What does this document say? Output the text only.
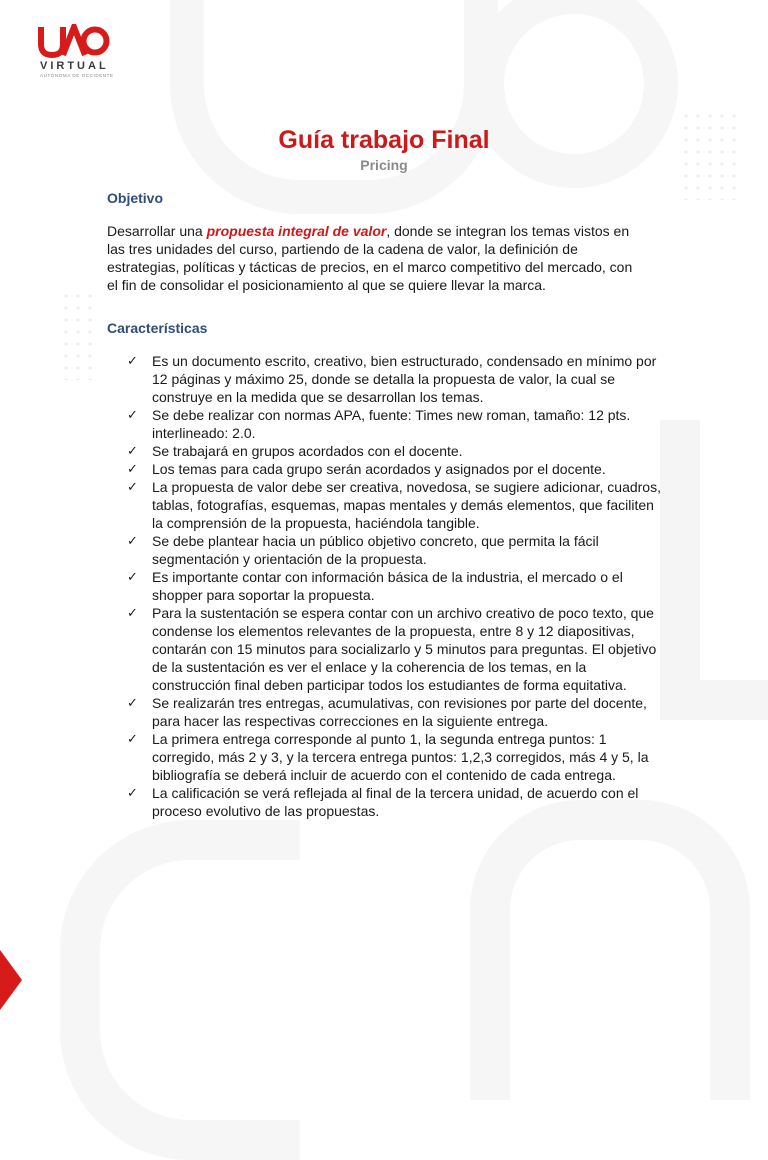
VIRTUAL
AUTÓNOMA DE OCCIDENTE
Guía trabajo Final
Pricing
Objetivo
Desarrollar una propuesta integral de valor, donde se integran los temas vistos en las tres unidades del curso, partiendo de la cadena de valor, la definición de estrategias, políticas y tácticas de precios, en el marco competitivo del mercado, con el fin de consolidar el posicionamiento al que se quiere llevar la marca.
Características
✓ Es un documento escrito, creativo, bien estructurado, condensado en mínimo por 12 páginas y máximo 25, donde se detalla la propuesta de valor, la cual se construye en la medida que se desarrollan los temas.
✓ Se debe realizar con normas APA, fuente: Times new roman, tamaño: 12 pts. interlineado: 2.0.
✓ Se trabajará en grupos acordados con el docente.
✓ Los temas para cada grupo serán acordados y asignados por el docente.
✓ La propuesta de valor debe ser creativa, novedosa, se sugiere adicionar, cuadros, tablas, fotografías, esquemas, mapas mentales y demás elementos, que faciliten la comprensión de la propuesta, haciéndola tangible.
✓ Se debe plantear hacia un público objetivo concreto, que permita la fácil segmentación y orientación de la propuesta.
✓ Es importante contar con información básica de la industria, el mercado o el shopper para soportar la propuesta.
✓ Para la sustentación se espera contar con un archivo creativo de poco texto, que condense los elementos relevantes de la propuesta, entre 8 y 12 diapositivas, contarán con 15 minutos para socializarlo y 5 minutos para preguntas. El objetivo de la sustentación es ver el enlace y la coherencia de los temas, en la construcción final deben participar todos los estudiantes de forma equitativa.
✓ Se realizarán tres entregas, acumulativas, con revisiones por parte del docente, para hacer las respectivas correcciones en la siguiente entrega.
✓ La primera entrega corresponde al punto 1, la segunda entrega puntos: 1 corregido, más 2 y 3, y la tercera entrega puntos: 1,2,3 corregidos, más 4 y 5, la bibliografía se deberá incluir de acuerdo con el contenido de cada entrega.
✓ La calificación se verá reflejada al final de la tercera unidad, de acuerdo con el proceso evolutivo de las propuestas.
